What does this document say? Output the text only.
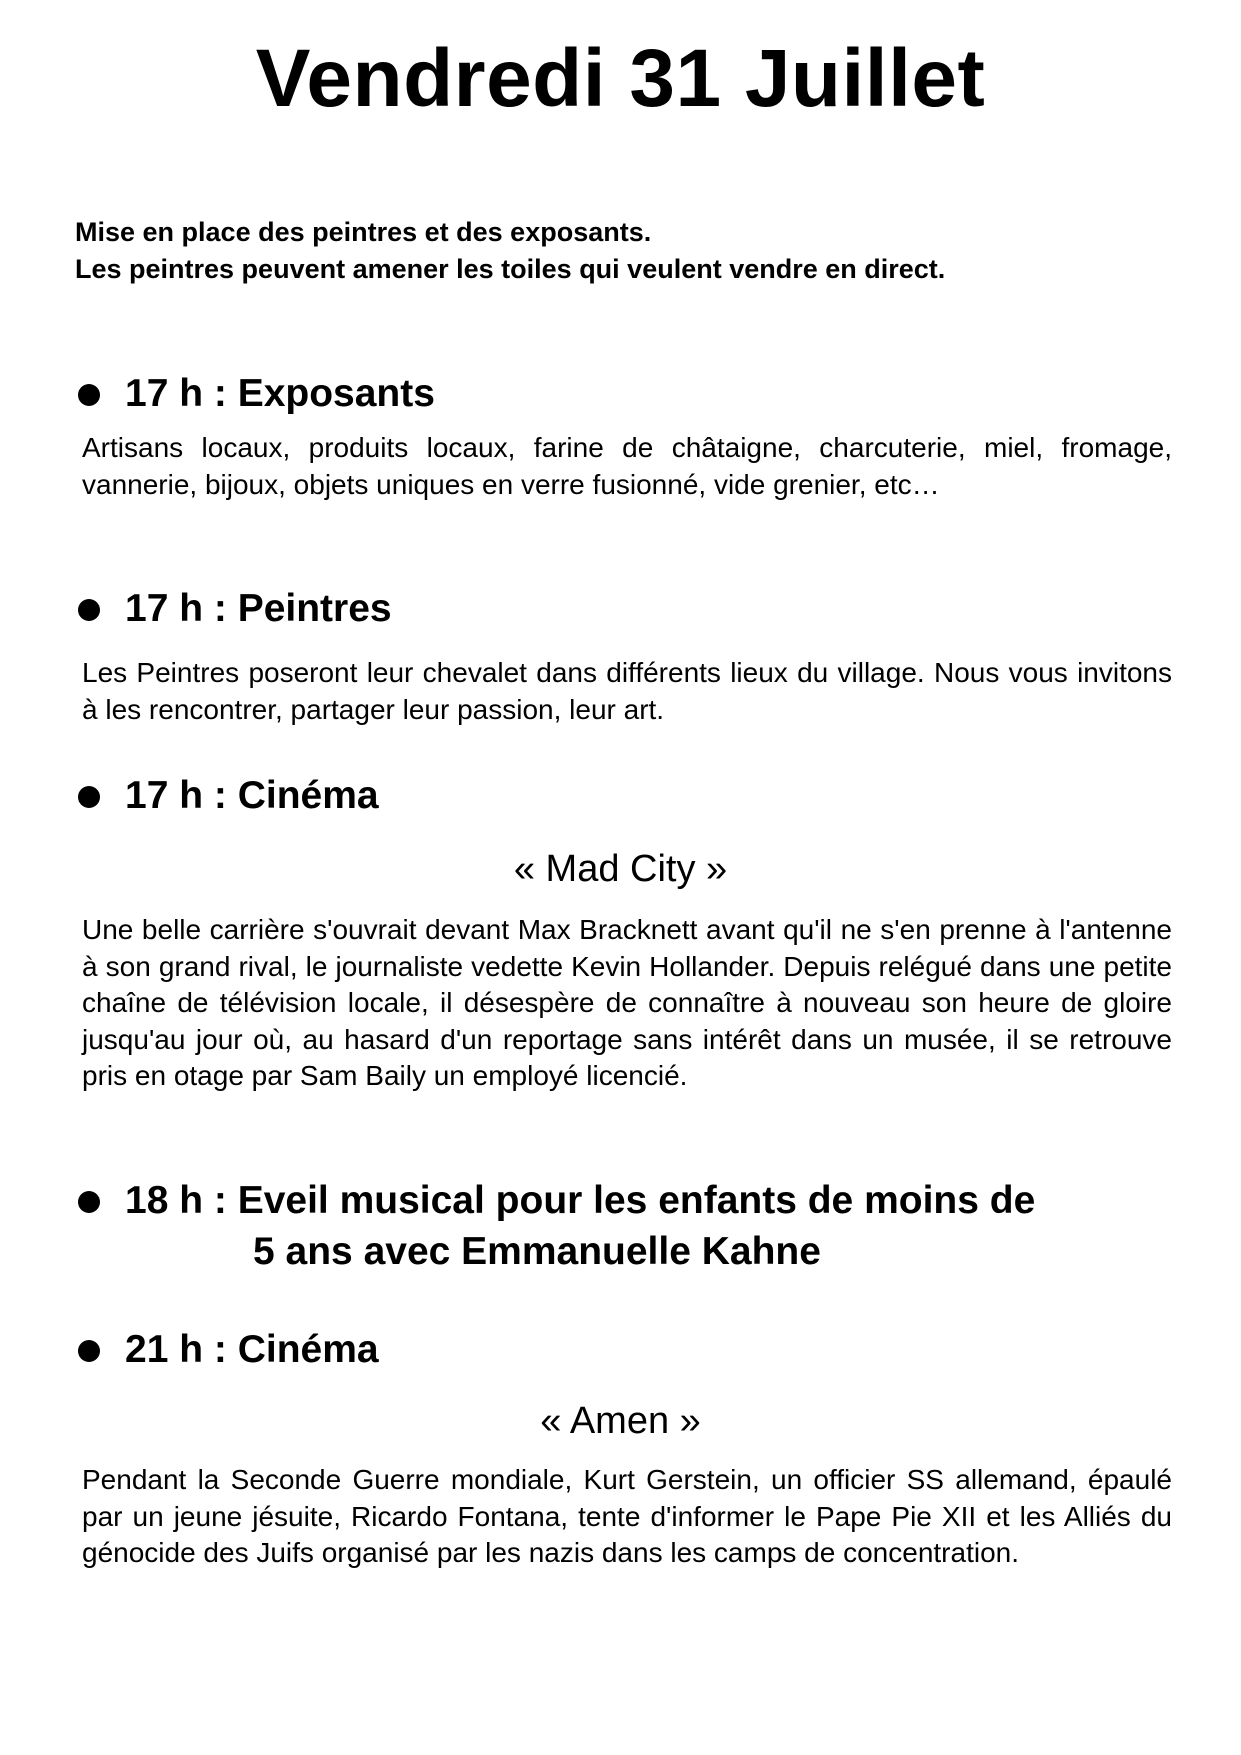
Vendredi 31 Juillet
Mise en place des peintres et des exposants.
Les peintres peuvent amener les toiles qui veulent vendre en direct.
17 h : Exposants
Artisans locaux, produits locaux, farine de châtaigne, charcuterie, miel, fromage, vannerie, bijoux, objets uniques en verre fusionné, vide grenier, etc…
17 h : Peintres
Les Peintres poseront leur chevalet dans différents lieux du village. Nous vous invitons à les rencontrer, partager leur passion, leur art.
17 h : Cinéma
« Mad City »
Une belle carrière s'ouvrait devant Max Bracknett avant qu'il ne s'en prenne à l'antenne à son grand rival, le journaliste vedette Kevin Hollander. Depuis relégué dans une petite chaîne de télévision locale, il désespère de connaître à nouveau son heure de gloire jusqu'au jour où, au hasard d'un reportage sans intérêt dans un musée, il se retrouve pris en otage par Sam Baily un employé licencié.
18 h : Eveil musical pour les enfants de moins de
5 ans avec Emmanuelle Kahne
21 h : Cinéma
« Amen »
Pendant la Seconde Guerre mondiale, Kurt Gerstein, un officier SS allemand, épaulé par un jeune jésuite, Ricardo Fontana, tente d'informer le Pape Pie XII et les Alliés du génocide des Juifs organisé par les nazis dans les camps de concentration.
